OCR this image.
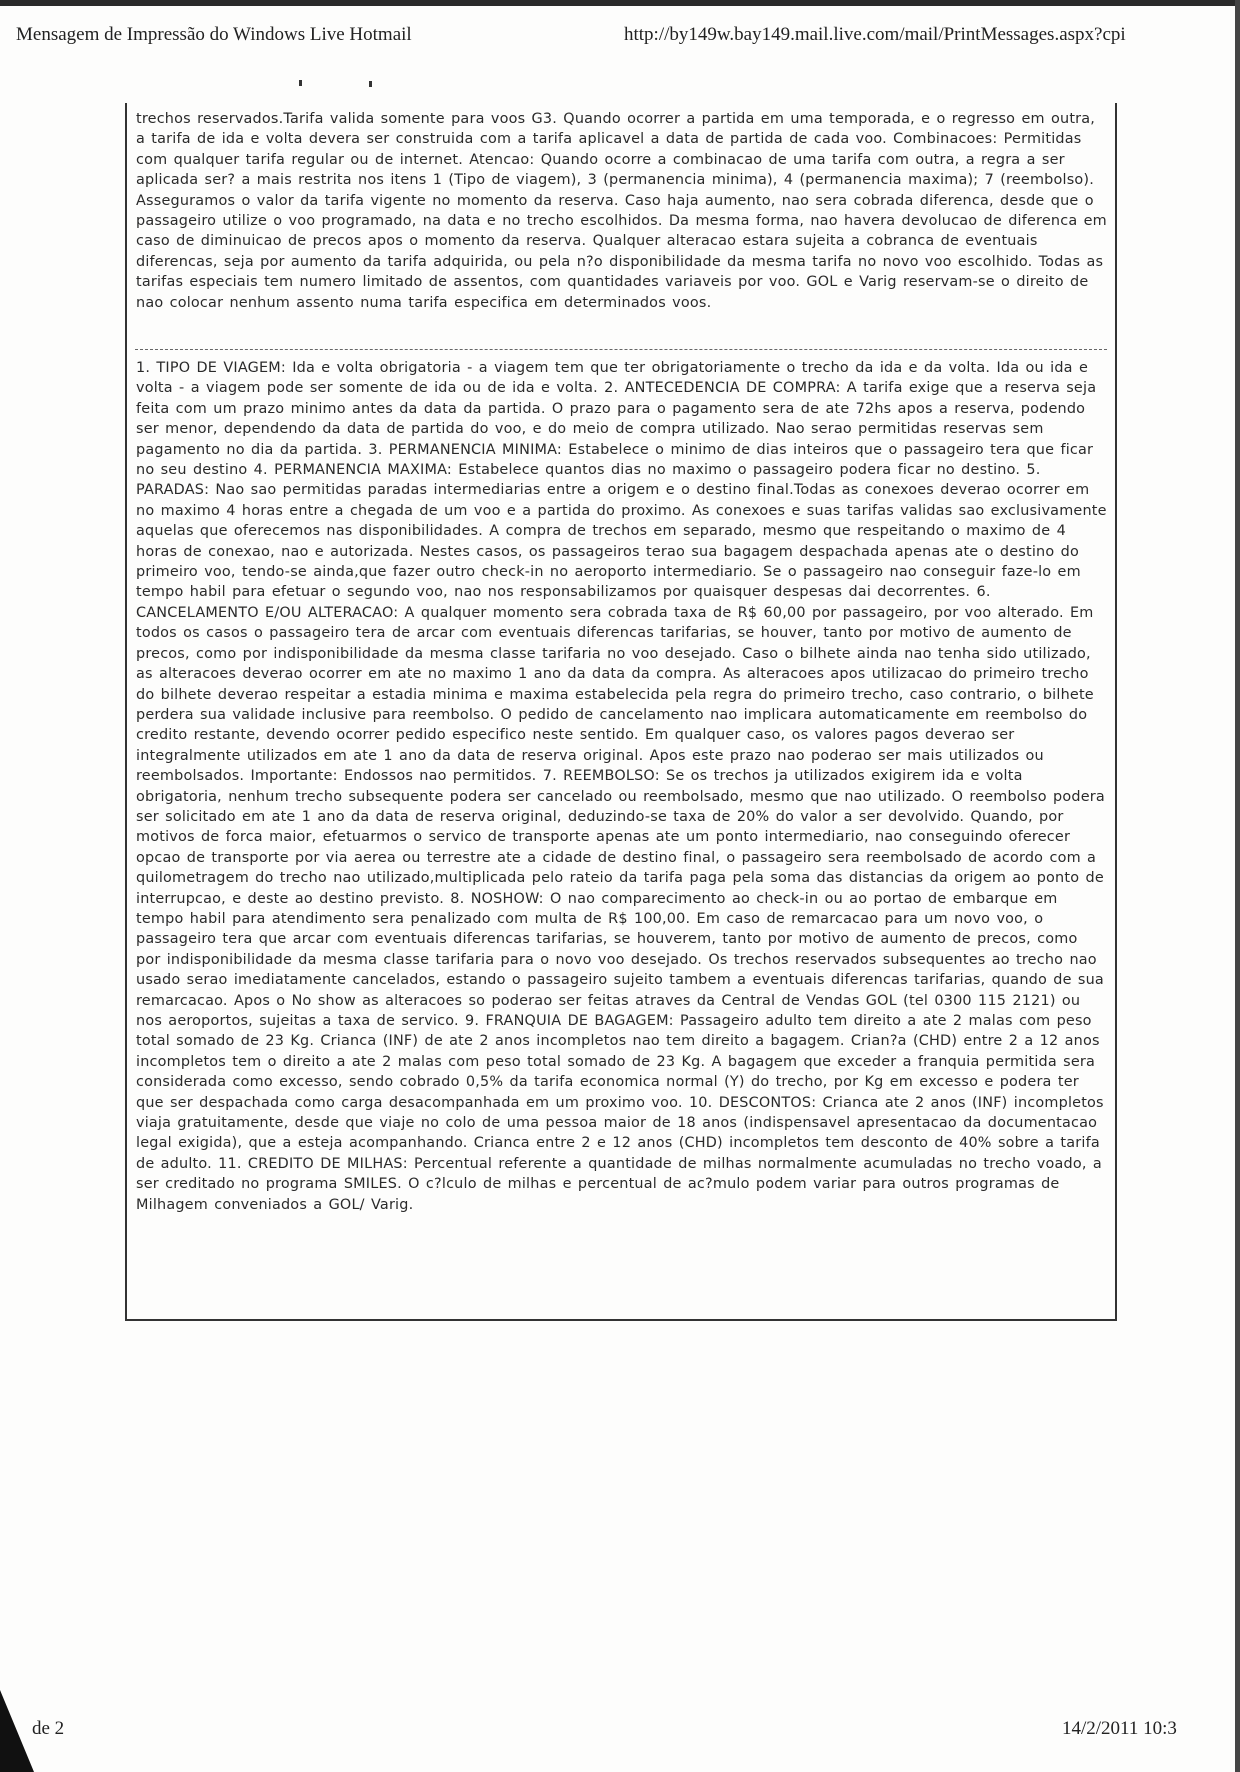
Mensagem de Impressão do Windows Live Hotmail	http://by149w.bay149.mail.live.com/mail/PrintMessages.aspx?cpi

trechos reservados.Tarifa valida somente para voos G3. Quando ocorrer a partida em uma temporada, e o regresso em outra, a tarifa de ida e volta devera ser construida com a tarifa aplicavel a data de partida de cada voo. Combinacoes: Permitidas com qualquer tarifa regular ou de internet. Atencao: Quando ocorre a combinacao de uma tarifa com outra, a regra a ser aplicada ser? a mais restrita nos itens 1 (Tipo de viagem), 3 (permanencia minima), 4 (permanencia maxima); 7 (reembolso). Asseguramos o valor da tarifa vigente no momento da reserva. Caso haja aumento, nao sera cobrada diferenca, desde que o passageiro utilize o voo programado, na data e no trecho escolhidos. Da mesma forma, nao havera devolucao de diferenca em caso de diminuicao de precos apos o momento da reserva. Qualquer alteracao estara sujeita a cobranca de eventuais diferencas, seja por aumento da tarifa adquirida, ou pela n?o disponibilidade da mesma tarifa no novo voo escolhido. Todas as tarifas especiais tem numero limitado de assentos, com quantidades variaveis por voo. GOL e Varig reservam-se o direito de nao colocar nenhum assento numa tarifa especifica em determinados voos.

1. TIPO DE VIAGEM: Ida e volta obrigatoria - a viagem tem que ter obrigatoriamente o trecho da ida e da volta. Ida ou ida e volta - a viagem pode ser somente de ida ou de ida e volta. 2. ANTECEDENCIA DE COMPRA: A tarifa exige que a reserva seja feita com um prazo minimo antes da data da partida. O prazo para o pagamento sera de ate 72hs apos a reserva, podendo ser menor, dependendo da data de partida do voo, e do meio de compra utilizado. Nao serao permitidas reservas sem pagamento no dia da partida. 3. PERMANENCIA MINIMA: Estabelece o minimo de dias inteiros que o passageiro tera que ficar no seu destino 4. PERMANENCIA MAXIMA: Estabelece quantos dias no maximo o passageiro podera ficar no destino. 5. PARADAS: Nao sao permitidas paradas intermediarias entre a origem e o destino final.Todas as conexoes deverao ocorrer em no maximo 4 horas entre a chegada de um voo e a partida do proximo. As conexoes e suas tarifas validas sao exclusivamente aquelas que oferecemos nas disponibilidades. A compra de trechos em separado, mesmo que respeitando o maximo de 4 horas de conexao, nao e autorizada. Nestes casos, os passageiros terao sua bagagem despachada apenas ate o destino do primeiro voo, tendo-se ainda,que fazer outro check-in no aeroporto intermediario. Se o passageiro nao conseguir faze-lo em tempo habil para efetuar o segundo voo, nao nos responsabilizamos por quaisquer despesas dai decorrentes. 6. CANCELAMENTO E/OU ALTERACAO: A qualquer momento sera cobrada taxa de R$ 60,00 por passageiro, por voo alterado. Em todos os casos o passageiro tera de arcar com eventuais diferencas tarifarias, se houver, tanto por motivo de aumento de precos, como por indisponibilidade da mesma classe tarifaria no voo desejado. Caso o bilhete ainda nao tenha sido utilizado, as alteracoes deverao ocorrer em ate no maximo 1 ano da data da compra. As alteracoes apos utilizacao do primeiro trecho do bilhete deverao respeitar a estadia minima e maxima estabelecida pela regra do primeiro trecho, caso contrario, o bilhete perdera sua validade inclusive para reembolso. O pedido de cancelamento nao implicara automaticamente em reembolso do credito restante, devendo ocorrer pedido especifico neste sentido. Em qualquer caso, os valores pagos deverao ser integralmente utilizados em ate 1 ano da data de reserva original. Apos este prazo nao poderao ser mais utilizados ou reembolsados. Importante: Endossos nao permitidos. 7. REEMBOLSO: Se os trechos ja utilizados exigirem ida e volta obrigatoria, nenhum trecho subsequente podera ser cancelado ou reembolsado, mesmo que nao utilizado. O reembolso podera ser solicitado em ate 1 ano da data de reserva original, deduzindo-se taxa de 20% do valor a ser devolvido. Quando, por motivos de forca maior, efetuarmos o servico de transporte apenas ate um ponto intermediario, nao conseguindo oferecer opcao de transporte por via aerea ou terrestre ate a cidade de destino final, o passageiro sera reembolsado de acordo com a quilometragem do trecho nao utilizado,multiplicada pelo rateio da tarifa paga pela soma das distancias da origem ao ponto de interrupcao, e deste ao destino previsto. 8. NOSHOW: O nao comparecimento ao check-in ou ao portao de embarque em tempo habil para atendimento sera penalizado com multa de R$ 100,00. Em caso de remarcacao para um novo voo, o passageiro tera que arcar com eventuais diferencas tarifarias, se houverem, tanto por motivo de aumento de precos, como por indisponibilidade da mesma classe tarifaria para o novo voo desejado. Os trechos reservados subsequentes ao trecho nao usado serao imediatamente cancelados, estando o passageiro sujeito tambem a eventuais diferencas tarifarias, quando de sua remarcacao. Apos o No show as alteracoes so poderao ser feitas atraves da Central de Vendas GOL (tel 0300 115 2121) ou nos aeroportos, sujeitas a taxa de servico. 9. FRANQUIA DE BAGAGEM: Passageiro adulto tem direito a ate 2 malas com peso total somado de 23 Kg. Crianca (INF) de ate 2 anos incompletos nao tem direito a bagagem. Crian?a (CHD) entre 2 a 12 anos incompletos tem o direito a ate 2 malas com peso total somado de 23 Kg. A bagagem que exceder a franquia permitida sera considerada como excesso, sendo cobrado 0,5% da tarifa economica normal (Y) do trecho, por Kg em excesso e podera ter que ser despachada como carga desacompanhada em um proximo voo. 10. DESCONTOS: Crianca ate 2 anos (INF) incompletos viaja gratuitamente, desde que viaje no colo de uma pessoa maior de 18 anos (indispensavel apresentacao da documentacao legal exigida), que a esteja acompanhando. Crianca entre 2 e 12 anos (CHD) incompletos tem desconto de 40% sobre a tarifa de adulto. 11. CREDITO DE MILHAS: Percentual referente a quantidade de milhas normalmente acumuladas no trecho voado, a ser creditado no programa SMILES. O c?lculo de milhas e percentual de ac?mulo podem variar para outros programas de Milhagem conveniados a GOL/ Varig.

de 2	14/2/2011 10:3
